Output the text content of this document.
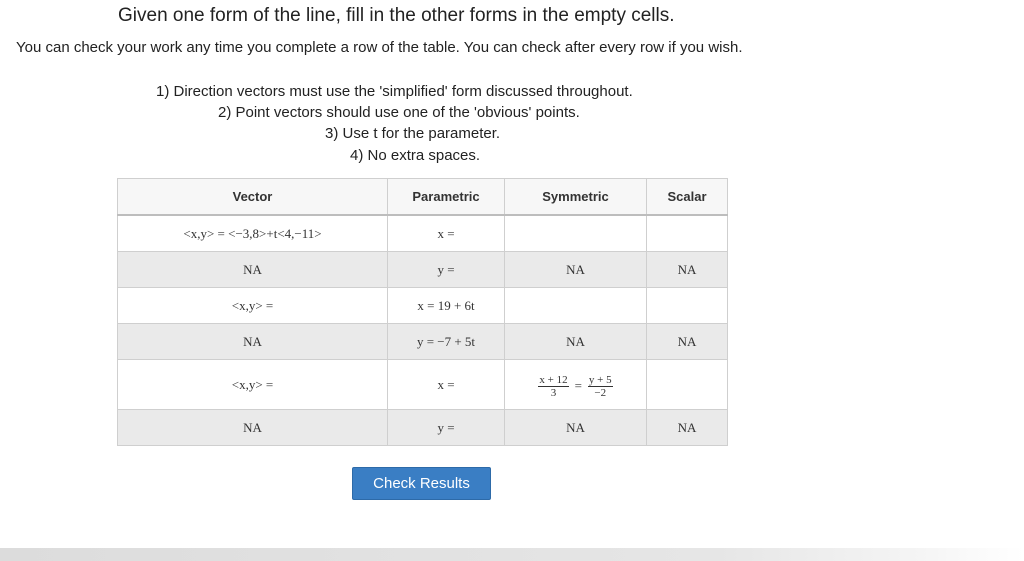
Given one form of the line, fill in the other forms in the empty cells.
You can check your work any time you complete a row of the table. You can check after every row if you wish.
1) Direction vectors must use the 'simplified' form discussed throughout.
2) Point vectors should use one of the 'obvious' points.
3) Use t for the parameter.
4) No extra spaces.
Vector	Parametric	Symmetric	Scalar
<x,y> = <−3,8>+t<4,−11>	x =		
NA	y =	NA	NA
<x,y> =	x = 19 + 6t		
NA	y = −7 + 5t	NA	NA
<x,y> =	x =	$\frac{x + 12}{3} = \frac{y + 5}{-2}$

NA	y =	NA	NA
Check Results
